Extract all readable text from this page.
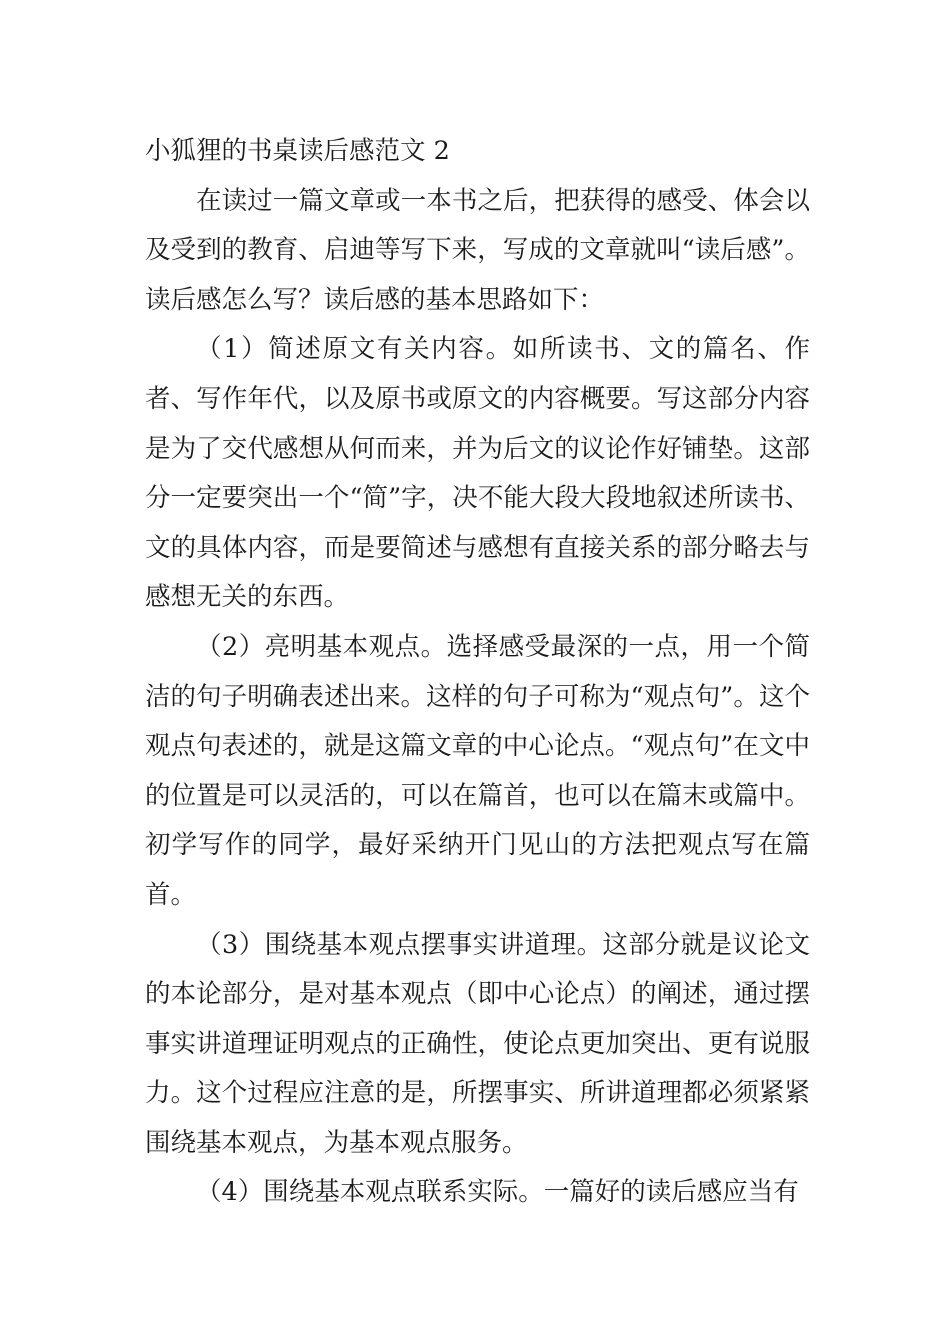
小狐狸的书桌读后感范文 2

在读过一篇文章或一本书之后，把获得的感受、体会以及受到的教育、启迪等写下来，写成的文章就叫“读后感”。读后感怎么写？读后感的基本思路如下：

（1）简述原文有关内容。如所读书、文的篇名、作者、写作年代，以及原书或原文的内容概要。写这部分内容是为了交代感想从何而来，并为后文的议论作好铺垫。这部分一定要突出一个“简”字，决不能大段大段地叙述所读书、文的具体内容，而是要简述与感想有直接关系的部分略去与感想无关的东西。

（2）亮明基本观点。选择感受最深的一点，用一个简洁的句子明确表述出来。这样的句子可称为“观点句”。这个观点句表述的，就是这篇文章的中心论点。“观点句”在文中的位置是可以灵活的，可以在篇首，也可以在篇末或篇中。初学写作的同学，最好采纳开门见山的方法把观点写在篇首。

（3）围绕基本观点摆事实讲道理。这部分就是议论文的本论部分，是对基本观点（即中心论点）的阐述，通过摆事实讲道理证明观点的正确性，使论点更加突出、更有说服力。这个过程应注意的是，所摆事实、所讲道理都必须紧紧围绕基本观点，为基本观点服务。

（4）围绕基本观点联系实际。一篇好的读后感应当有
